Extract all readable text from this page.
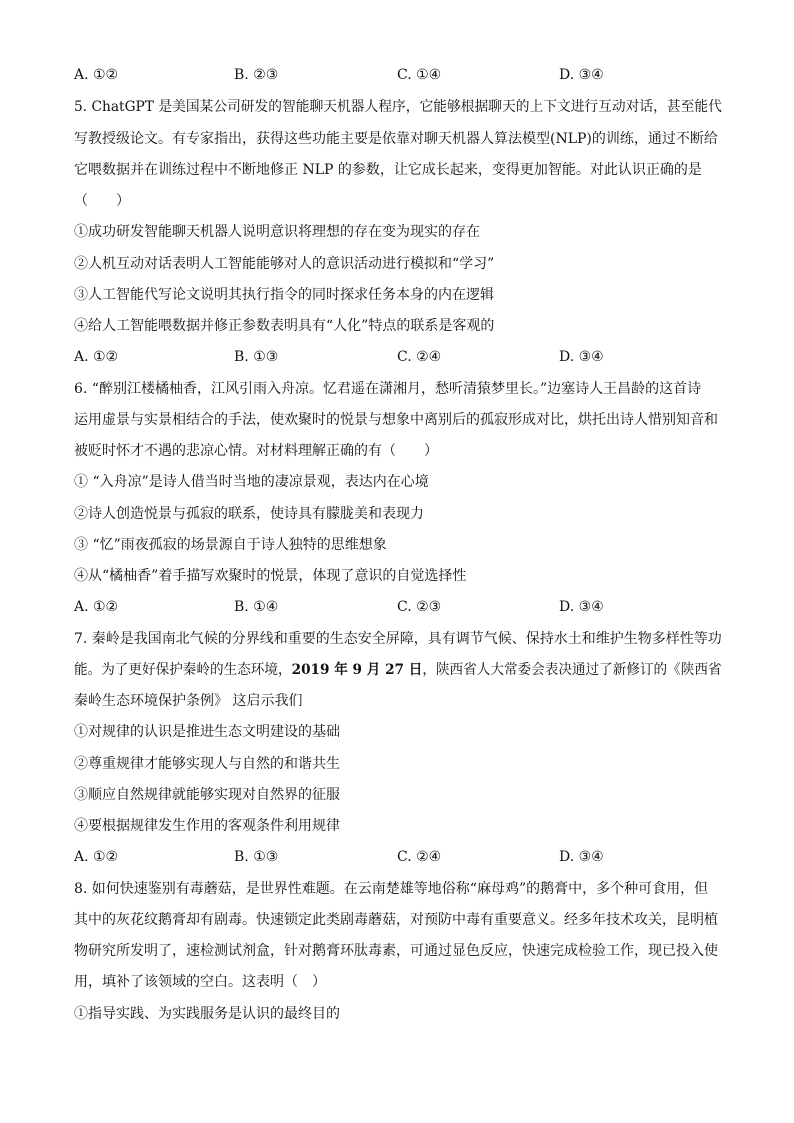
A. ①②	B. ②③	C. ①④	D. ③④
5. ChatGPT 是美国某公司研发的智能聊天机器人程序，它能够根据聊天的上下文进行互动对话，甚至能代
写教授级论文。有专家指出，获得这些功能主要是依靠对聊天机器人算法模型(NLP)的训练，通过不断给
它喂数据并在训练过程中不断地修正 NLP 的参数，让它成长起来，变得更加智能。对此认识正确的是
（　　）
①成功研发智能聊天机器人说明意识将理想的存在变为现实的存在
②人机互动对话表明人工智能能够对人的意识活动进行模拟和“学习”
③人工智能代写论文说明其执行指令的同时探求任务本身的内在逻辑
④给人工智能喂数据并修正参数表明具有“人化”特点的联系是客观的
A. ①②	B. ①③	C. ②④	D. ③④
6. “醉别江楼橘柚香，江风引雨入舟凉。忆君遥在潇湘月，愁听清猿梦里长。”边塞诗人王昌龄的这首诗
运用虚景与实景相结合的手法，使欢聚时的悦景与想象中离别后的孤寂形成对比，烘托出诗人惜别知音和
被贬时怀才不遇的悲凉心情。对材料理解正确的有（　　）
① “入舟凉”是诗人借当时当地的凄凉景观，表达内在心境
②诗人创造悦景与孤寂的联系，使诗具有朦胧美和表现力
③ “忆”雨夜孤寂的场景源自于诗人独特的思维想象
④从“橘柚香”着手描写欢聚时的悦景，体现了意识的自觉选择性
A. ①②	B. ①④	C. ②③	D. ③④
7. 秦岭是我国南北气候的分界线和重要的生态安全屏障，具有调节气候、保持水土和维护生物多样性等功
能。为了更好保护秦岭的生态环境，2019 年 9 月 27 日，陕西省人大常委会表决通过了新修订的《陕西省
秦岭生态环境保护条例》 这启示我们
①对规律的认识是推进生态文明建设的基础
②尊重规律才能够实现人与自然的和谐共生
③顺应自然规律就能够实现对自然界的征服
④要根据规律发生作用的客观条件利用规律
A. ①②	B. ①③	C. ②④	D. ③④
8. 如何快速鉴别有毒蘑菇，是世界性难题。在云南楚雄等地俗称“麻母鸡”的鹅膏中，多个种可食用，但
其中的灰花纹鹅膏却有剧毒。快速锁定此类剧毒蘑菇，对预防中毒有重要意义。经多年技术攻关，昆明植
物研究所发明了，速检测试剂盒，针对鹅膏环肽毒素，可通过显色反应，快速完成检验工作，现已投入使
用，填补了该领域的空白。这表明（　）
①指导实践、为实践服务是认识的最终目的
